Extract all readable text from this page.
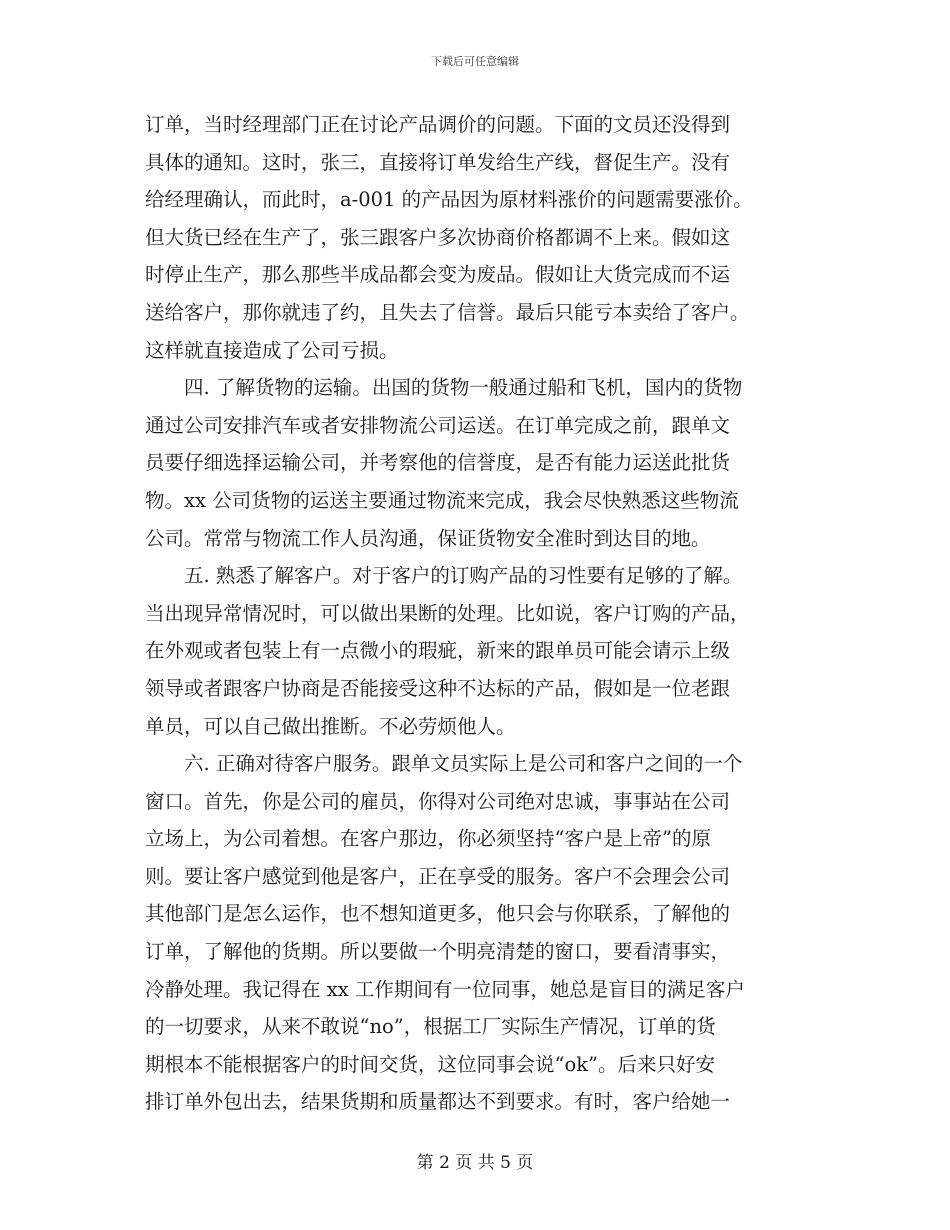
下载后可任意编辑
订单，当时经理部门正在讨论产品调价的问题。下面的文员还没得到
具体的通知。这时，张三，直接将订单发给生产线，督促生产。没有
给经理确认，而此时，a-001 的产品因为原材料涨价的问题需要涨价。
但大货已经在生产了，张三跟客户多次协商价格都调不上来。假如这
时停止生产，那么那些半成品都会变为废品。假如让大货完成而不运
送给客户，那你就违了约，且失去了信誉。最后只能亏本卖给了客户。
这样就直接造成了公司亏损。
　　四. 了解货物的运输。出国的货物一般通过船和飞机，国内的货物
通过公司安排汽车或者安排物流公司运送。在订单完成之前，跟单文
员要仔细选择运输公司，并考察他的信誉度，是否有能力运送此批货
物。xx 公司货物的运送主要通过物流来完成，我会尽快熟悉这些物流
公司。常常与物流工作人员沟通，保证货物安全准时到达目的地。
　　五. 熟悉了解客户。对于客户的订购产品的习性要有足够的了解。
当出现异常情况时，可以做出果断的处理。比如说，客户订购的产品，
在外观或者包装上有一点微小的瑕疵，新来的跟单员可能会请示上级
领导或者跟客户协商是否能接受这种不达标的产品，假如是一位老跟
单员，可以自己做出推断。不必劳烦他人。
　　六. 正确对待客户服务。跟单文员实际上是公司和客户之间的一个
窗口。首先，你是公司的雇员，你得对公司绝对忠诚，事事站在公司
立场上，为公司着想。在客户那边，你必须坚持“客户是上帝”的原
则。要让客户感觉到他是客户，正在享受的服务。客户不会理会公司
其他部门是怎么运作，也不想知道更多，他只会与你联系，了解他的
订单，了解他的货期。所以要做一个明亮清楚的窗口，要看清事实，
冷静处理。我记得在 xx 工作期间有一位同事，她总是盲目的满足客户
的一切要求，从来不敢说“no”，根据工厂实际生产情况，订单的货
期根本不能根据客户的时间交货，这位同事会说“ok”。后来只好安
排订单外包出去，结果货期和质量都达不到要求。有时，客户给她一
第 2 页 共 5 页
